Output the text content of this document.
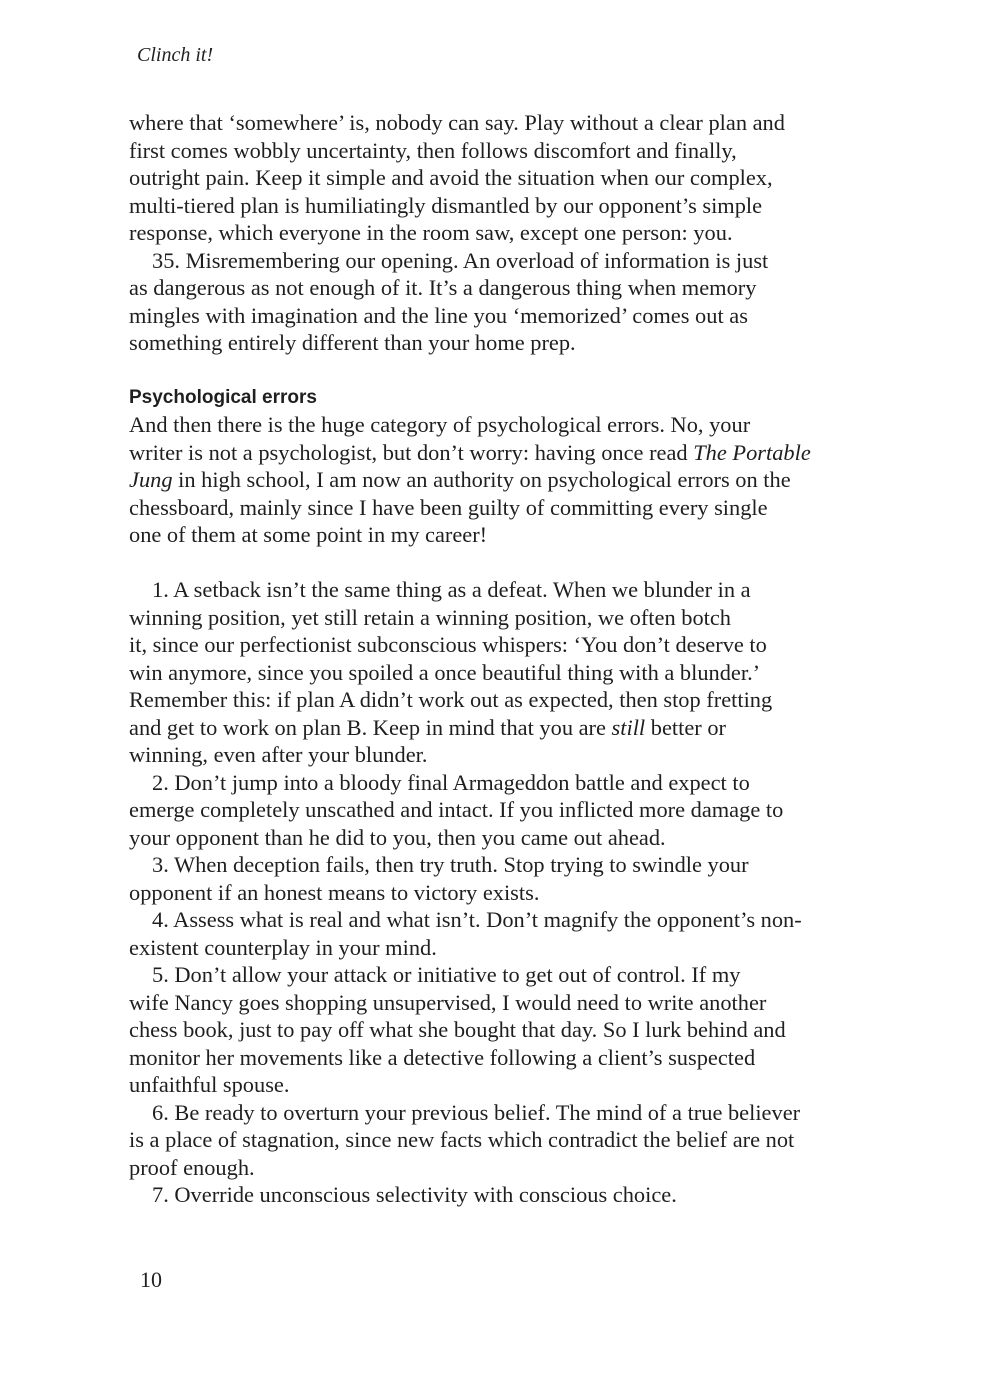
Clinch it!

where that ‘somewhere’ is, nobody can say. Play without a clear plan and
first comes wobbly uncertainty, then follows discomfort and finally,
outright pain. Keep it simple and avoid the situation when our complex,
multi-tiered plan is humiliatingly dismantled by our opponent’s simple
response, which everyone in the room saw, except one person: you.
35. Misremembering our opening. An overload of information is just
as dangerous as not enough of it. It’s a dangerous thing when memory
mingles with imagination and the line you ‘memorized’ comes out as
something entirely different than your home prep.
Psychological errors
And then there is the huge category of psychological errors. No, your
writer is not a psychologist, but don’t worry: having once read The Portable
Jung in high school, I am now an authority on psychological errors on the
chessboard, mainly since I have been guilty of committing every single
one of them at some point in my career!
1. A setback isn’t the same thing as a defeat. When we blunder in a
winning position, yet still retain a winning position, we often botch
it, since our perfectionist subconscious whispers: ‘You don’t deserve to
win anymore, since you spoiled a once beautiful thing with a blunder.’
Remember this: if plan A didn’t work out as expected, then stop fretting
and get to work on plan B. Keep in mind that you are still better or
winning, even after your blunder.
2. Don’t jump into a bloody final Armageddon battle and expect to
emerge completely unscathed and intact. If you inflicted more damage to
your opponent than he did to you, then you came out ahead.
3. When deception fails, then try truth. Stop trying to swindle your
opponent if an honest means to victory exists.
4. Assess what is real and what isn’t. Don’t magnify the opponent’s non-
existent counterplay in your mind.
5. Don’t allow your attack or initiative to get out of control. If my
wife Nancy goes shopping unsupervised, I would need to write another
chess book, just to pay off what she bought that day. So I lurk behind and
monitor her movements like a detective following a client’s suspected
unfaithful spouse.
6. Be ready to overturn your previous belief. The mind of a true believer
is a place of stagnation, since new facts which contradict the belief are not
proof enough.
7. Override unconscious selectivity with conscious choice.

10
